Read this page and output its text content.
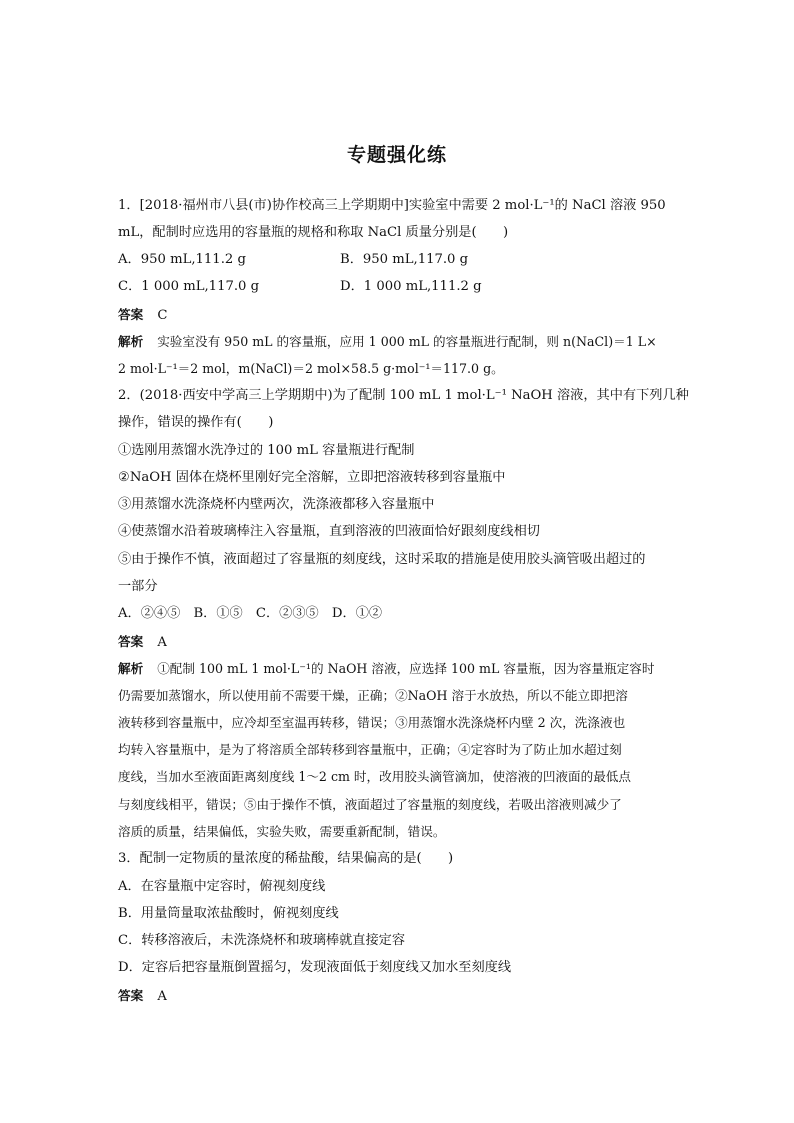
专题强化练
1．[2018·福州市八县(市)协作校高三上学期期中]实验室中需要 2 mol·L⁻¹的 NaCl 溶液 950
mL，配制时应选用的容量瓶的规格和称取 NaCl 质量分别是(　　)
A．950 mL,111.2 g	B．950 mL,117.0 g
C．1 000 mL,117.0 g	D．1 000 mL,111.2 g
答案 C
解析 实验室没有 950 mL 的容量瓶，应用 1 000 mL 的容量瓶进行配制，则 n(NaCl)＝1 L×
2 mol·L⁻¹＝2 mol，m(NaCl)＝2 mol×58.5 g·mol⁻¹＝117.0 g。
2．(2018·西安中学高三上学期期中)为了配制 100 mL 1 mol·L⁻¹ NaOH 溶液，其中有下列几种
操作，错误的操作有(　　)
①选刚用蒸馏水洗净过的 100 mL 容量瓶进行配制
②NaOH 固体在烧杯里刚好完全溶解，立即把溶液转移到容量瓶中
③用蒸馏水洗涤烧杯内壁两次，洗涤液都移入容量瓶中
④使蒸馏水沿着玻璃棒注入容量瓶，直到溶液的凹液面恰好跟刻度线相切
⑤由于操作不慎，液面超过了容量瓶的刻度线，这时采取的措施是使用胶头滴管吸出超过的
一部分
A．②④⑤　B．①⑤　C．②③⑤　D．①②
答案 A
解析 ①配制 100 mL 1 mol·L⁻¹的 NaOH 溶液，应选择 100 mL 容量瓶，因为容量瓶定容时
仍需要加蒸馏水，所以使用前不需要干燥，正确；②NaOH 溶于水放热，所以不能立即把溶
液转移到容量瓶中，应冷却至室温再转移，错误；③用蒸馏水洗涤烧杯内壁 2 次，洗涤液也
均转入容量瓶中，是为了将溶质全部转移到容量瓶中，正确；④定容时为了防止加水超过刻
度线，当加水至液面距离刻度线 1～2 cm 时，改用胶头滴管滴加，使溶液的凹液面的最低点
与刻度线相平，错误；⑤由于操作不慎，液面超过了容量瓶的刻度线，若吸出溶液则减少了
溶质的质量，结果偏低，实验失败，需要重新配制，错误。
3．配制一定物质的量浓度的稀盐酸，结果偏高的是(　　)
A．在容量瓶中定容时，俯视刻度线
B．用量筒量取浓盐酸时，俯视刻度线
C．转移溶液后，未洗涤烧杯和玻璃棒就直接定容
D．定容后把容量瓶倒置摇匀，发现液面低于刻度线又加水至刻度线
答案 A
